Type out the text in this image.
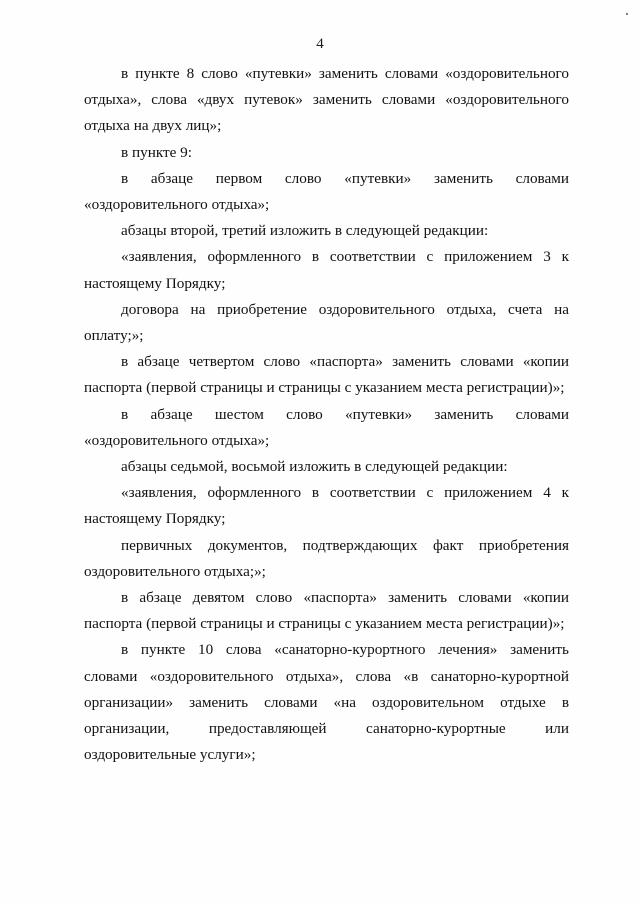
4

в пункте 8 слово «путевки» заменить словами «оздоровительного отдыха», слова «двух путевок» заменить словами «оздоровительного отдыха на двух лиц»;

в пункте 9:

в абзаце первом слово «путевки» заменить словами «оздоровительного отдыха»;

абзацы второй, третий изложить в следующей редакции:

«заявления, оформленного в соответствии с приложением 3 к настоящему Порядку;

договора на приобретение оздоровительного отдыха, счета на оплату;»;

в абзаце четвертом слово «паспорта» заменить словами «копии паспорта (первой страницы и страницы с указанием места регистрации)»;

в абзаце шестом слово «путевки» заменить словами «оздоровительного отдыха»;

абзацы седьмой, восьмой изложить в следующей редакции:

«заявления, оформленного в соответствии с приложением 4 к настоящему Порядку;

первичных документов, подтверждающих факт приобретения оздоровительного отдыха;»;

в абзаце девятом слово «паспорта» заменить словами «копии паспорта (первой страницы и страницы с указанием места регистрации)»;

в пункте 10 слова «санаторно-курортного лечения» заменить словами «оздоровительного отдыха», слова «в санаторно-курортной организации» заменить словами «на оздоровительном отдыхе в организации, предоставляющей санаторно-курортные или оздоровительные услуги»;
